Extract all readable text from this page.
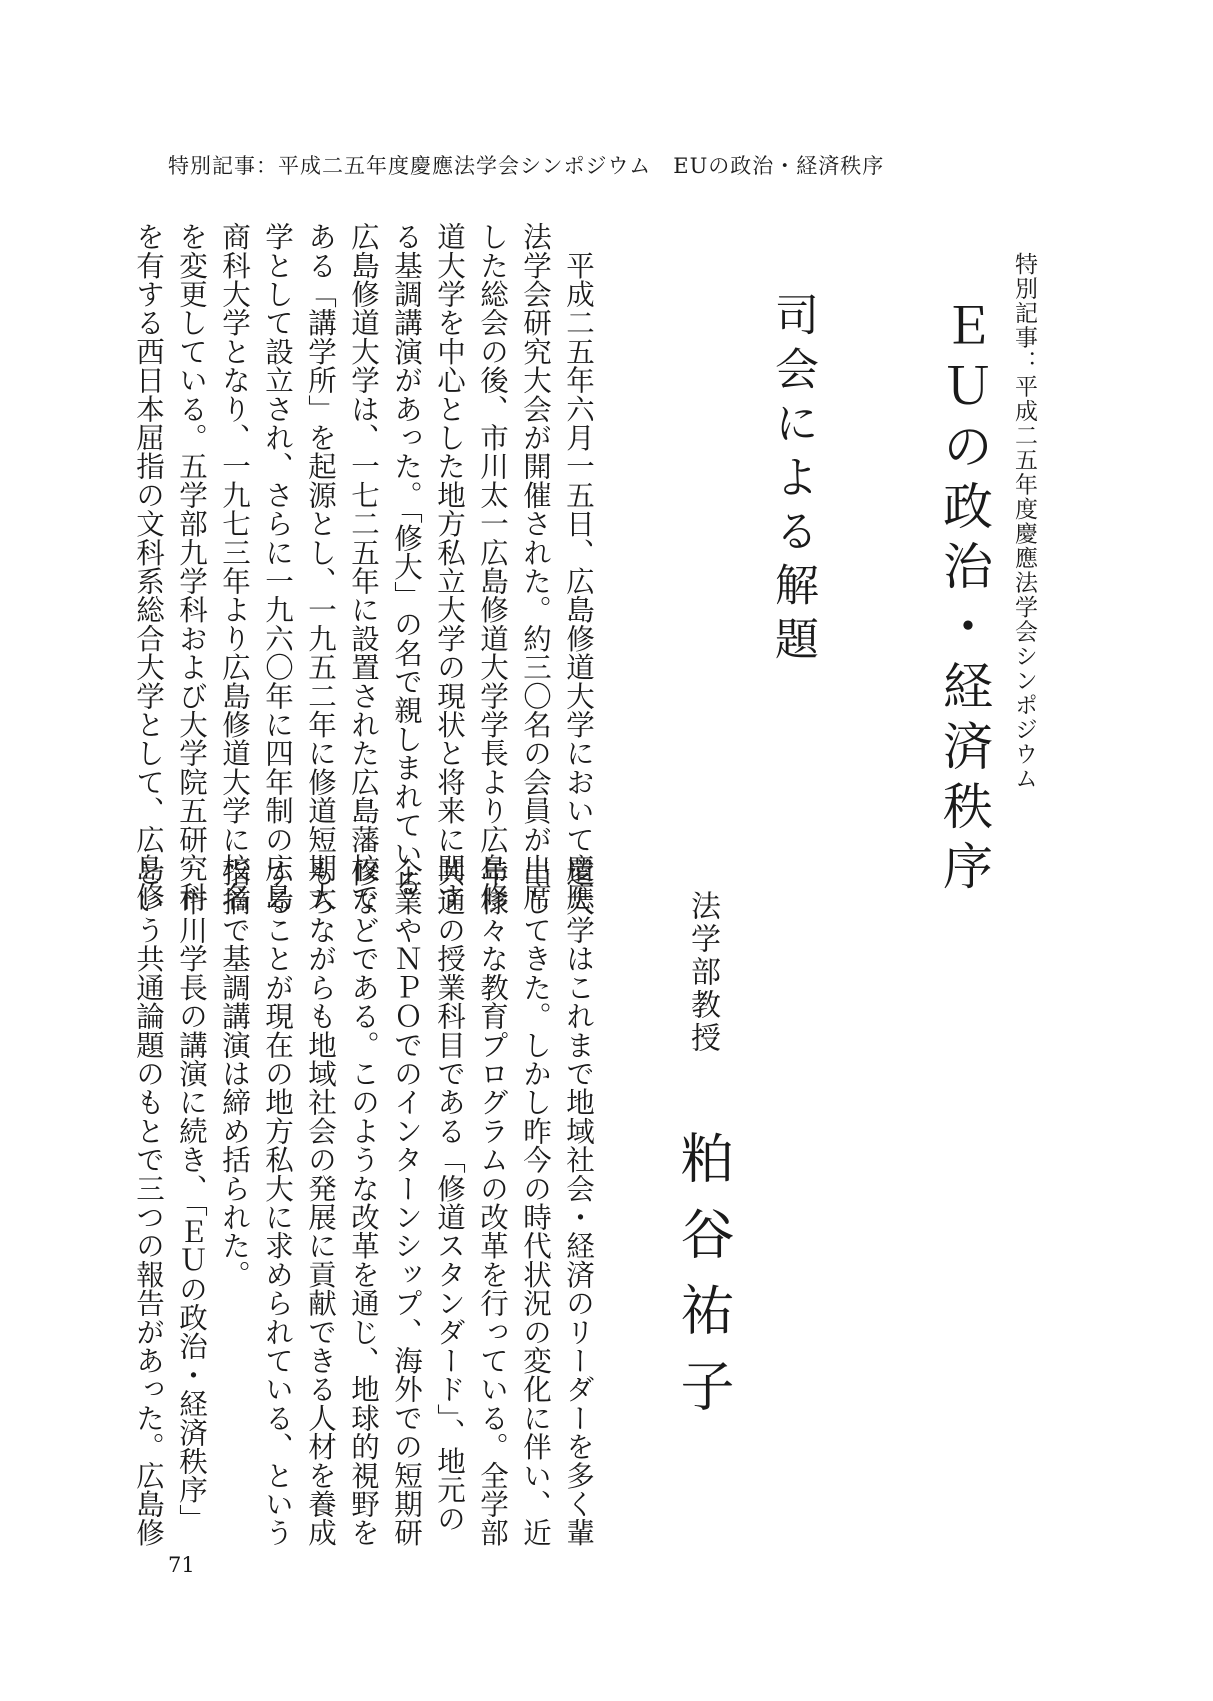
特別記事：平成二五年度慶應法学会シンポジウム　EUの政治・経済秩序
特別記事：平成二五年度慶應法学会シンポジウム
ＥＵの政治・経済秩序
司会による解題
法学部教授
粕谷祐子
　平成二五年六月一五日、広島修道大学において慶應
法学会研究大会が開催された。約三〇名の会員が出席
した総会の後、市川太一広島修道大学学長より広島修
道大学を中心とした地方私立大学の現状と将来に関す
る基調講演があった。「修大」の名で親しまれている
広島修道大学は、一七二五年に設置された広島藩校で
ある「講学所」を起源とし、一九五二年に修道短期大
学として設立され、さらに一九六〇年に四年制の広島
商科大学となり、一九七三年より広島修道大学に校名
を変更している。五学部九学科および大学院五研究科
を有する西日本屈指の文科系総合大学として、広島修
道大学はこれまで地域社会・経済のリーダーを多く輩
出してきた。しかし昨今の時代状況の変化に伴い、近
年様々な教育プログラムの改革を行っている。全学部
共通の授業科目である「修道スタンダード」、地元の
企業やＮＰＯでのインターンシップ、海外での短期研
修などである。このような改革を通じ、地球的視野を
もちながらも地域社会の発展に貢献できる人材を養成
することが現在の地方私大に求められている、という
指摘で基調講演は締め括られた。
　市川学長の講演に続き、「ＥＵの政治・経済秩序」
という共通論題のもとで三つの報告があった。広島修
71
